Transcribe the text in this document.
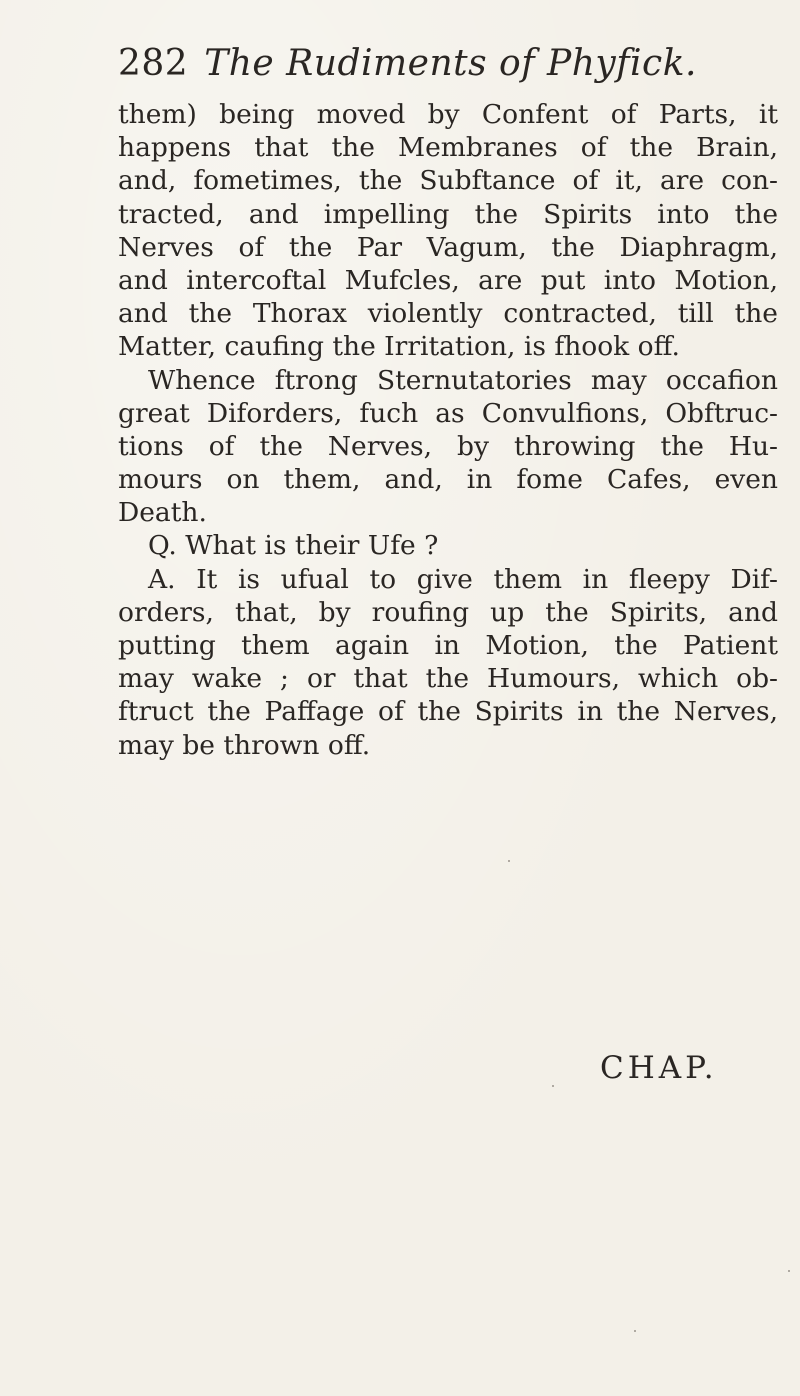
282 The Rudiments of Phyfick.
them) being moved by Confent of Parts, it
happens that the Membranes of the Brain,
and, fometimes, the Subftance of it, are con-
tracted, and impelling the Spirits into the
Nerves of the Par Vagum, the Diaphragm,
and intercoftal Mufcles, are put into Motion,
and the Thorax violently contracted, till the
Matter, caufing the Irritation, is fhook off.
Whence ftrong Sternutatories may occafion
great Diforders, fuch as Convulfions, Obftruc-
tions of the Nerves, by throwing the Hu-
mours on them, and, in fome Cafes, even
Death.
Q. What is their Ufe ?
A. It is ufual to give them in fleepy Dif-
orders, that, by roufing up the Spirits, and
putting them again in Motion, the Patient
may wake ; or that the Humours, which ob-
ftruct the Paffage of the Spirits in the Nerves,
may be thrown off.
CHAP.
